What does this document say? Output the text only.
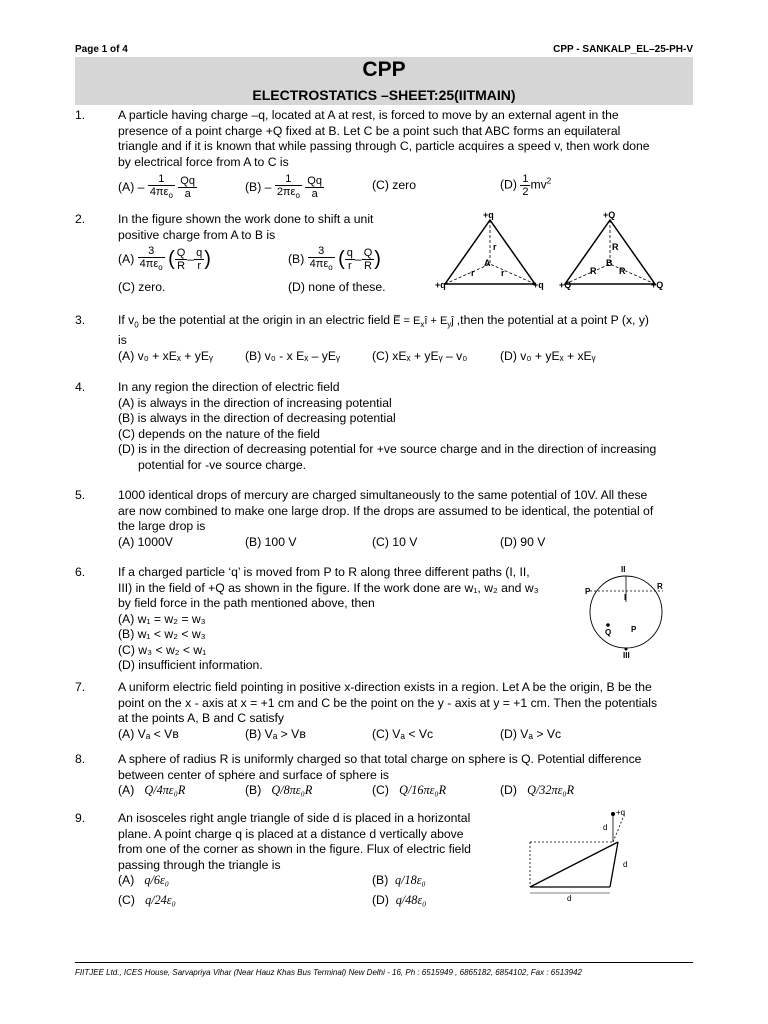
Page 1 of 4	CPP - SANKALP_EL–25-PH-V
CPP
ELECTROSTATICS –SHEET:25(IITMAIN)
1.	A particle having charge –q, located at A at rest, is forced to move by an external agent in the
presence of a point charge +Q fixed at B. Let C be a point such that ABC forms an equilateral
triangle and if it is known that while passing through C, particle acquires a speed v, then work done
by electrical force from A to C is
$(A) - \frac{1}{4\pi\varepsilon_o}$
$\frac{Qq}{a}$	$(B) - \frac{1}{2\pi\varepsilon_o}$
$\frac{Qq}{a}$	(C) zero	$(D) \frac{1}{2} mv^2$
2.	In the figure shown the work done to shift a unit
positive charge from A to B is
$(A) \frac{3}{4\pi\varepsilon_o}$ ( $\frac{Q}{R} - \frac{q}{r}$ )	$(B) \frac{3}{4\pi\varepsilon_o}$ ( $\frac{q}{r} - \frac{Q}{R}$ )
(C) zero.	(D) none of these.
+q
+q	+q
r
A
r	r
+Q
+Q	+Q
R
B
R	R
3.	If $v_0$ be the potential at the origin in an electric field E̅ = $E_xî$ + $E_yĵ$ ,then the potential at a point P (x, y)
is
(A) v₀ + xEₓ + yEᵧ	(B) v₀ - x Eₓ – yEᵧ	(C) xEₓ + yEᵧ – v₀	(D) v₀ + yEₓ + xEᵧ
4.	In any region the direction of electric field
(A) is always in the direction of increasing potential
(B) is always in the direction of decreasing potential
(C) depends on the nature of the field
(D) is in the direction of decreasing potential for +ve source charge and in the direction of increasing
potential for -ve source charge.
5.	1000 identical drops of mercury are charged simultaneously to the same potential of 10V. All these
are now combined to make one large drop. If the drops are assumed to be identical, the potential of
the large drop is
(A) 1000V	(B) 100 V	(C) 10 V	(D) 90 V
6.	If a charged particle ‘q’ is moved from P to R along three different paths (I, II,
III) in the field of +Q as shown in the figure. If the work done are w₁, w₂ and w₃
by field force in the path mentioned above, then
(A) w₁ = w₂ = w₃
(B) w₁ < w₂ < w₃
(C) w₃ < w₂ < w₁
(D) insufficient information.
II
P
R
I
Q P
III
7.	A uniform electric field pointing in positive x-direction exists in a region. Let A be the origin, B be the
point on the x - axis at x = +1 cm and C be the point on the y - axis at y = +1 cm. Then the potentials
at the points A, B and C satisfy
(A) Vₐ < Vʙ	(B) Vₐ > Vʙ	(C) Vₐ < Vᴄ	(D) Vₐ > Vᴄ
8.	A sphere of radius R is uniformly charged so that total charge on sphere is Q. Potential difference
between center of sphere and surface of sphere is
(A) Q/4πε₀R	(B) Q/8πε₀R	(C) Q/16πε₀R	(D) Q/32πε₀R
9.	An isosceles right angle triangle of side d is placed in a horizontal
plane. A point charge q is placed at a distance d vertically above
from one of the corner as shown in the figure. Flux of electric field
passing through the triangle is
(A) q/6ε₀	(B) q/18ε₀
(C) q/24ε₀	(D) q/48ε₀
+q
d
d
d
FIITJEE Ltd., ICES House, Sarvapriya Vihar (Near Hauz Khas Bus Terminal) New Delhi - 16, Ph : 6515949 , 6865182, 6854102, Fax : 6513942
